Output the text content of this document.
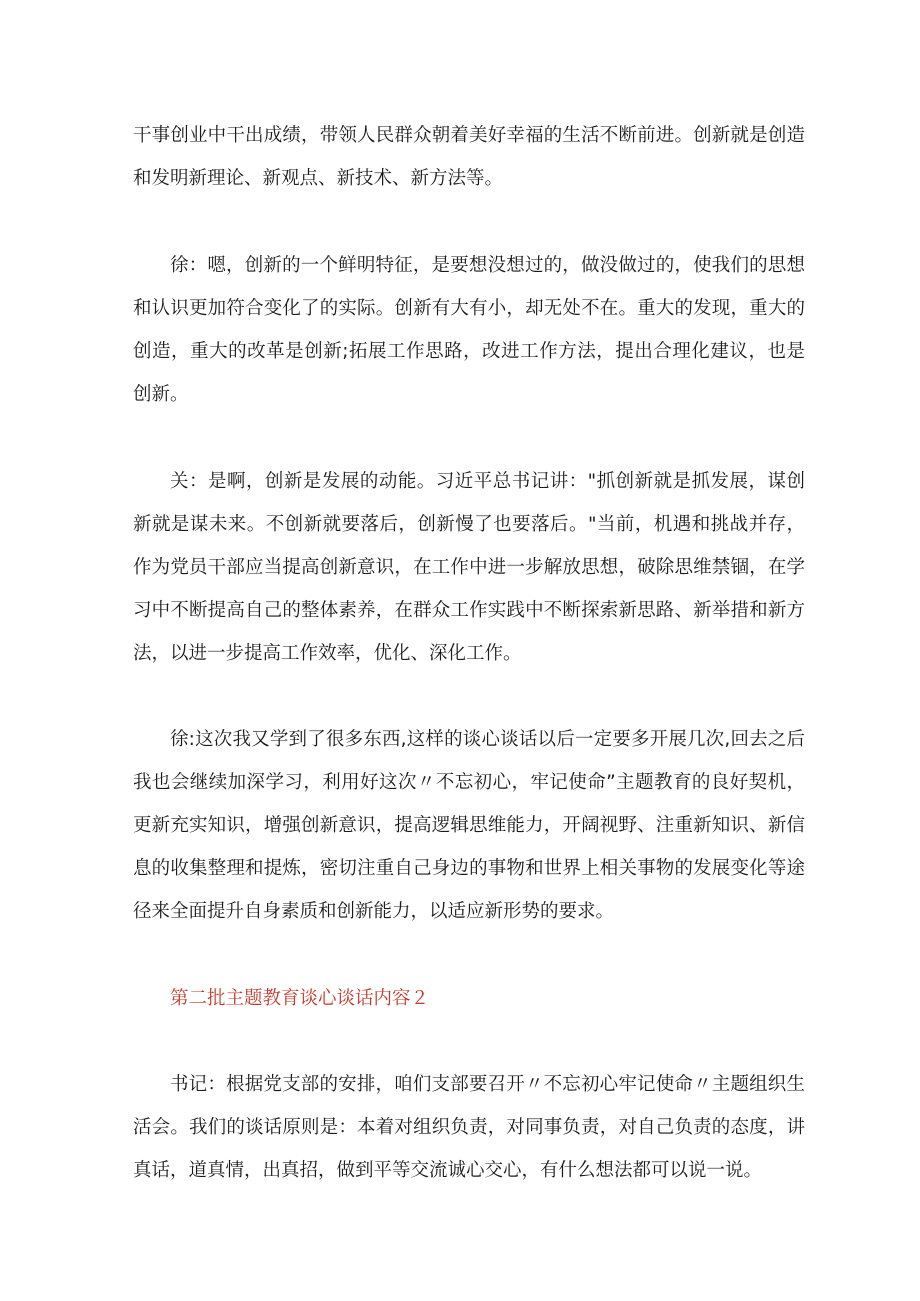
干事创业中干出成绩，带领人民群众朝着美好幸福的生活不断前进。创新就是创造和发明新理论、新观点、新技术、新方法等。

徐：嗯，创新的一个鲜明特征，是要想没想过的，做没做过的，使我们的思想和认识更加符合变化了的实际。创新有大有小，却无处不在。重大的发现，重大的创造，重大的改革是创新;拓展工作思路，改进工作方法，提出合理化建议，也是创新。

关：是啊，创新是发展的动能。习近平总书记讲："抓创新就是抓发展，谋创新就是谋未来。不创新就要落后，创新慢了也要落后。"当前，机遇和挑战并存，作为党员干部应当提高创新意识，在工作中进一步解放思想，破除思维禁锢，在学习中不断提高自己的整体素养，在群众工作实践中不断探索新思路、新举措和新方法，以进一步提高工作效率，优化、深化工作。

徐:这次我又学到了很多东西,这样的谈心谈话以后一定要多开展几次,回去之后我也会继续加深学习，利用好这次〃不忘初心，牢记使命”主题教育的良好契机，更新充实知识，增强创新意识，提高逻辑思维能力，开阔视野、注重新知识、新信息的收集整理和提炼，密切注重自己身边的事物和世界上相关事物的发展变化等途径来全面提升自身素质和创新能力，以适应新形势的要求。

第二批主题教育谈心谈话内容２

书记：根据党支部的安排，咱们支部要召开〃不忘初心牢记使命〃主题组织生活会。我们的谈话原则是：本着对组织负责，对同事负责，对自己负责的态度，讲真话，道真情，出真招，做到平等交流诚心交心，有什么想法都可以说一说。
